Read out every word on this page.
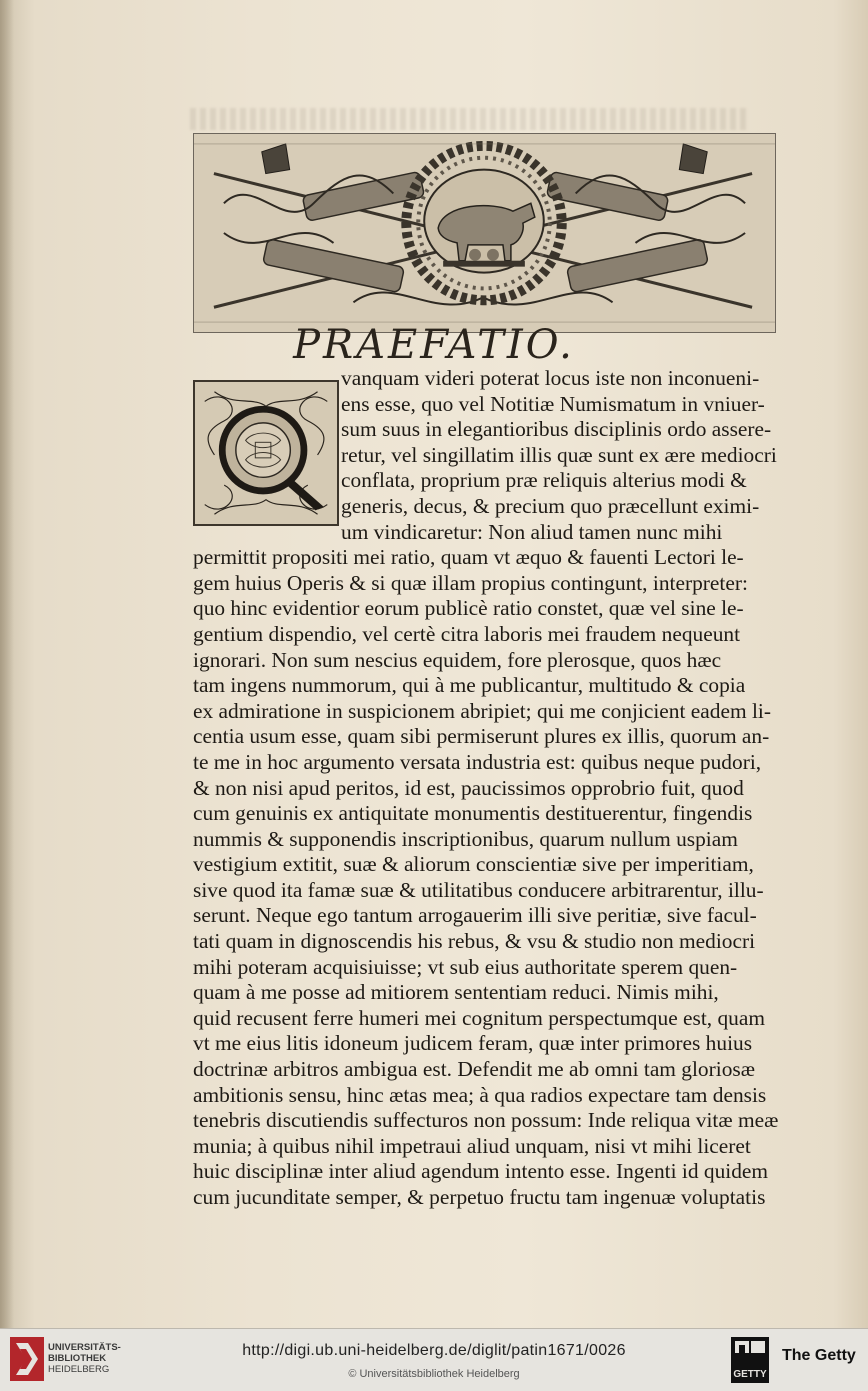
PRAEFATIO.
vanquam videri poterat locus iste non inconueni-
ens esse, quo vel Notitiæ Numismatum in vniuer-
sum suus in elegantioribus disciplinis ordo assere-
retur, vel singillatim illis quæ sunt ex ære mediocri
conflata, proprium præ reliquis alterius modi &
generis, decus, & precium quo præcellunt eximi-
um vindicaretur: Non aliud tamen nunc mihi
permittit propositi mei ratio, quam vt æquo & fauenti Lectori le-
gem huius Operis & si quæ illam propius contingunt, interpreter:
quo hinc evidentior eorum publicè ratio constet, quæ vel sine le-
gentium dispendio, vel certè citra laboris mei fraudem nequeunt
ignorari. Non sum nescius equidem, fore plerosque, quos hæc
tam ingens nummorum, qui à me publicantur, multitudo & copia
ex admiratione in suspicionem abripiet; qui me conjicient eadem li-
centia usum esse, quam sibi permiserunt plures ex illis, quorum an-
te me in hoc argumento versata industria est: quibus neque pudori,
& non nisi apud peritos, id est, paucissimos opprobrio fuit, quod
cum genuinis ex antiquitate monumentis destituerentur, fingendis
nummis & supponendis inscriptionibus, quarum nullum uspiam
vestigium extitit, suæ & aliorum conscientiæ sive per imperitiam,
sive quod ita famæ suæ & utilitatibus conducere arbitrarentur, illu-
serunt. Neque ego tantum arrogauerim illi sive peritiæ, sive facul-
tati quam in dignoscendis his rebus, & vsu & studio non mediocri
mihi poteram acquisiuisse; vt sub eius authoritate sperem quen-
quam à me posse ad mitiorem sententiam reduci. Nimis mihi,
quid recusent ferre humeri mei cognitum perspectumque est, quam
vt me eius litis idoneum judicem feram, quæ inter primores huius
doctrinæ arbitros ambigua est. Defendit me ab omni tam gloriosæ
ambitionis sensu, hinc ætas mea; à qua radios expectare tam densis
tenebris discutiendis suffecturos non possum: Inde reliqua vitæ meæ
munia; à quibus nihil impetraui aliud unquam, nisi vt mihi liceret
huic disciplinæ inter aliud agendum intento esse. Ingenti id quidem
cum jucunditate semper, & perpetuo fructu tam ingenuæ voluptatis
UNIVERSITÄTS-
BIBLIOTHEK
HEIDELBERG
http://digi.ub.uni-heidelberg.de/diglit/patin1671/0026
© Universitätsbibliothek Heidelberg	GETTY
The Getty
